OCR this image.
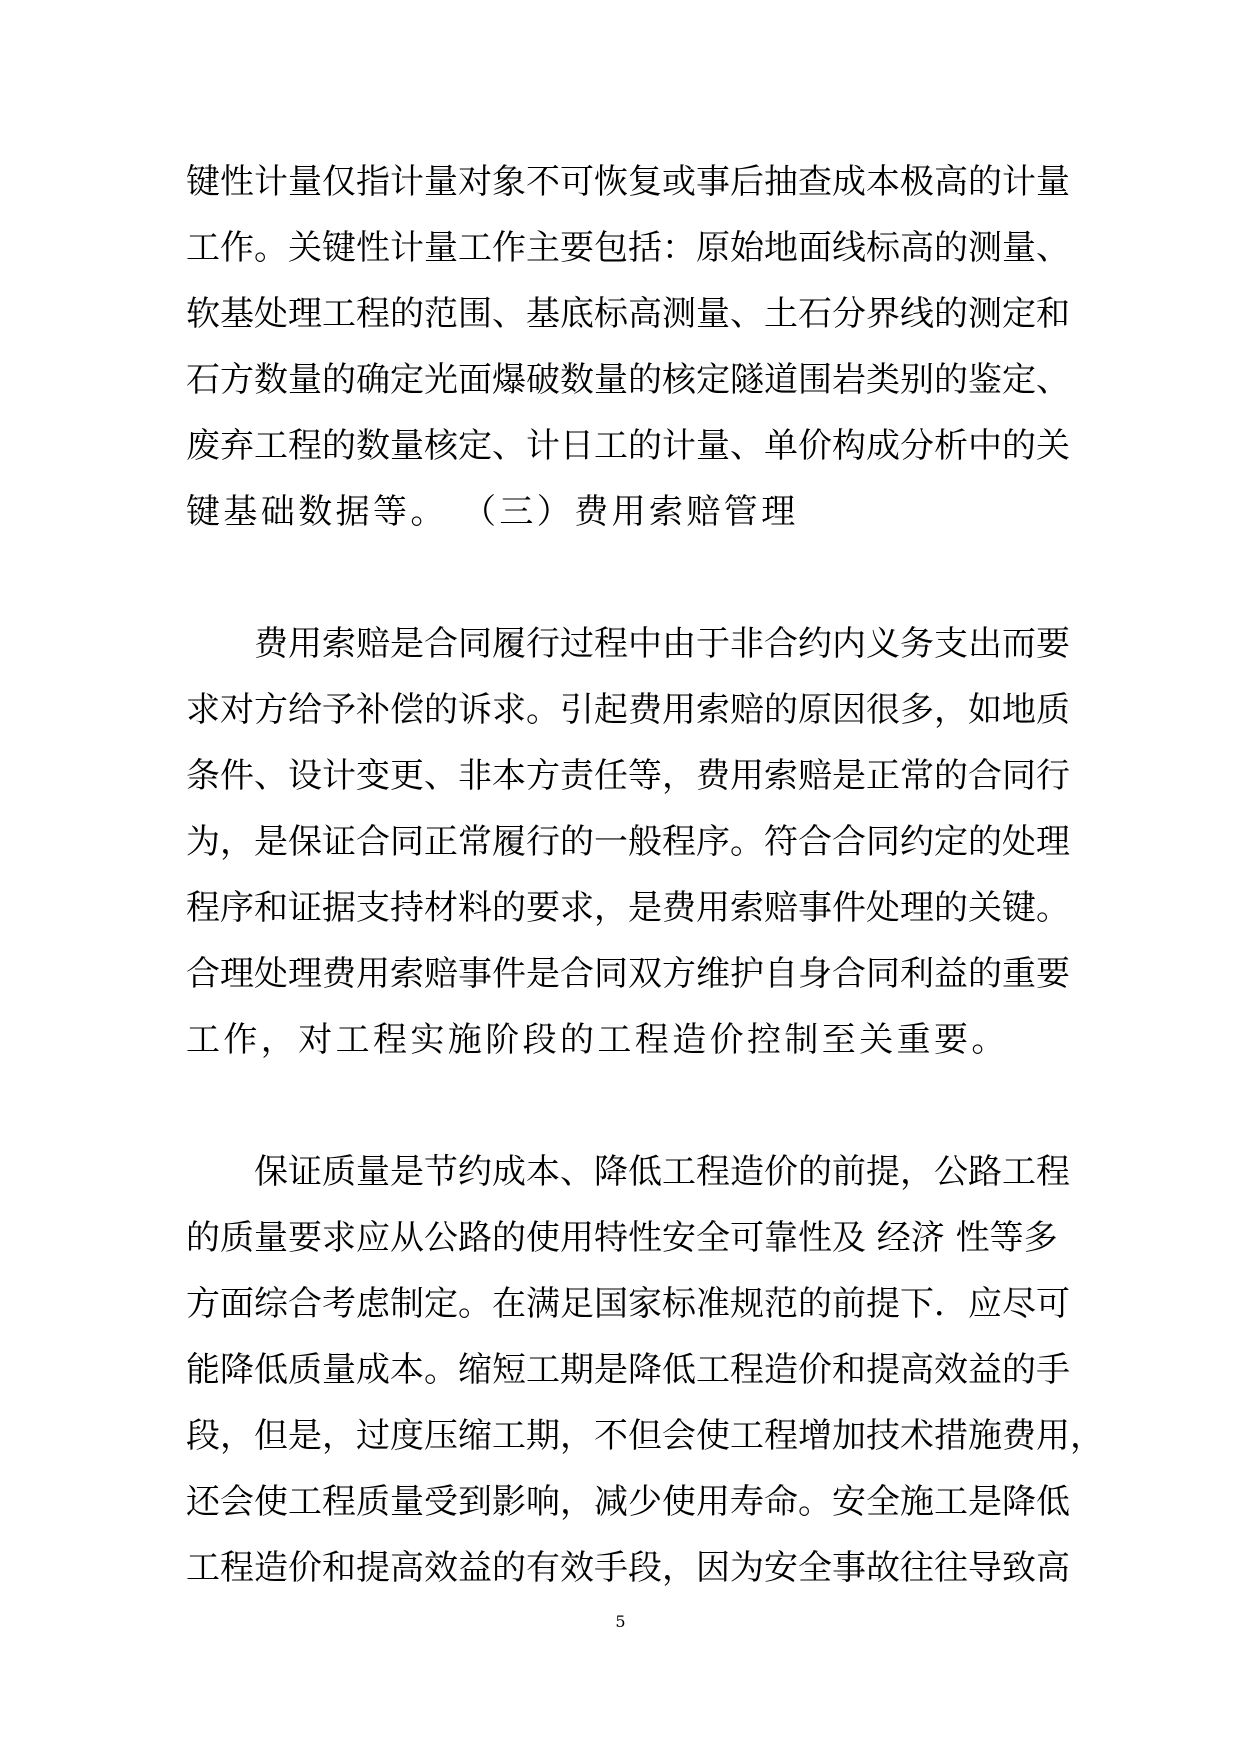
键性计量仅指计量对象不可恢复或事后抽查成本极高的计量
工作。关键性计量工作主要包括：原始地面线标高的测量、
软基处理工程的范围、基底标高测量、土石分界线的测定和
石方数量的确定光面爆破数量的核定隧道围岩类别的鉴定、
废弃工程的数量核定、计日工的计量、单价构成分析中的关
键基础数据等。 （三）费用索赔管理
费用索赔是合同履行过程中由于非合约内义务支出而要
求对方给予补偿的诉求。引起费用索赔的原因很多，如地质
条件、设计变更、非本方责任等，费用索赔是正常的合同行
为，是保证合同正常履行的一般程序。符合合同约定的处理
程序和证据支持材料的要求，是费用索赔事件处理的关键。
合理处理费用索赔事件是合同双方维护自身合同利益的重要
工作，对工程实施阶段的工程造价控制至关重要。
保证质量是节约成本、降低工程造价的前提，公路工程
的质量要求应从公路的使用特性安全可靠性及 经济 性等多
方面综合考虑制定。在满足国家标准规范的前提下．应尽可
能降低质量成本。缩短工期是降低工程造价和提高效益的手
段，但是，过度压缩工期，不但会使工程增加技术措施费用，
还会使工程质量受到影响，减少使用寿命。安全施工是降低
工程造价和提高效益的有效手段，因为安全事故往往导致高
5
